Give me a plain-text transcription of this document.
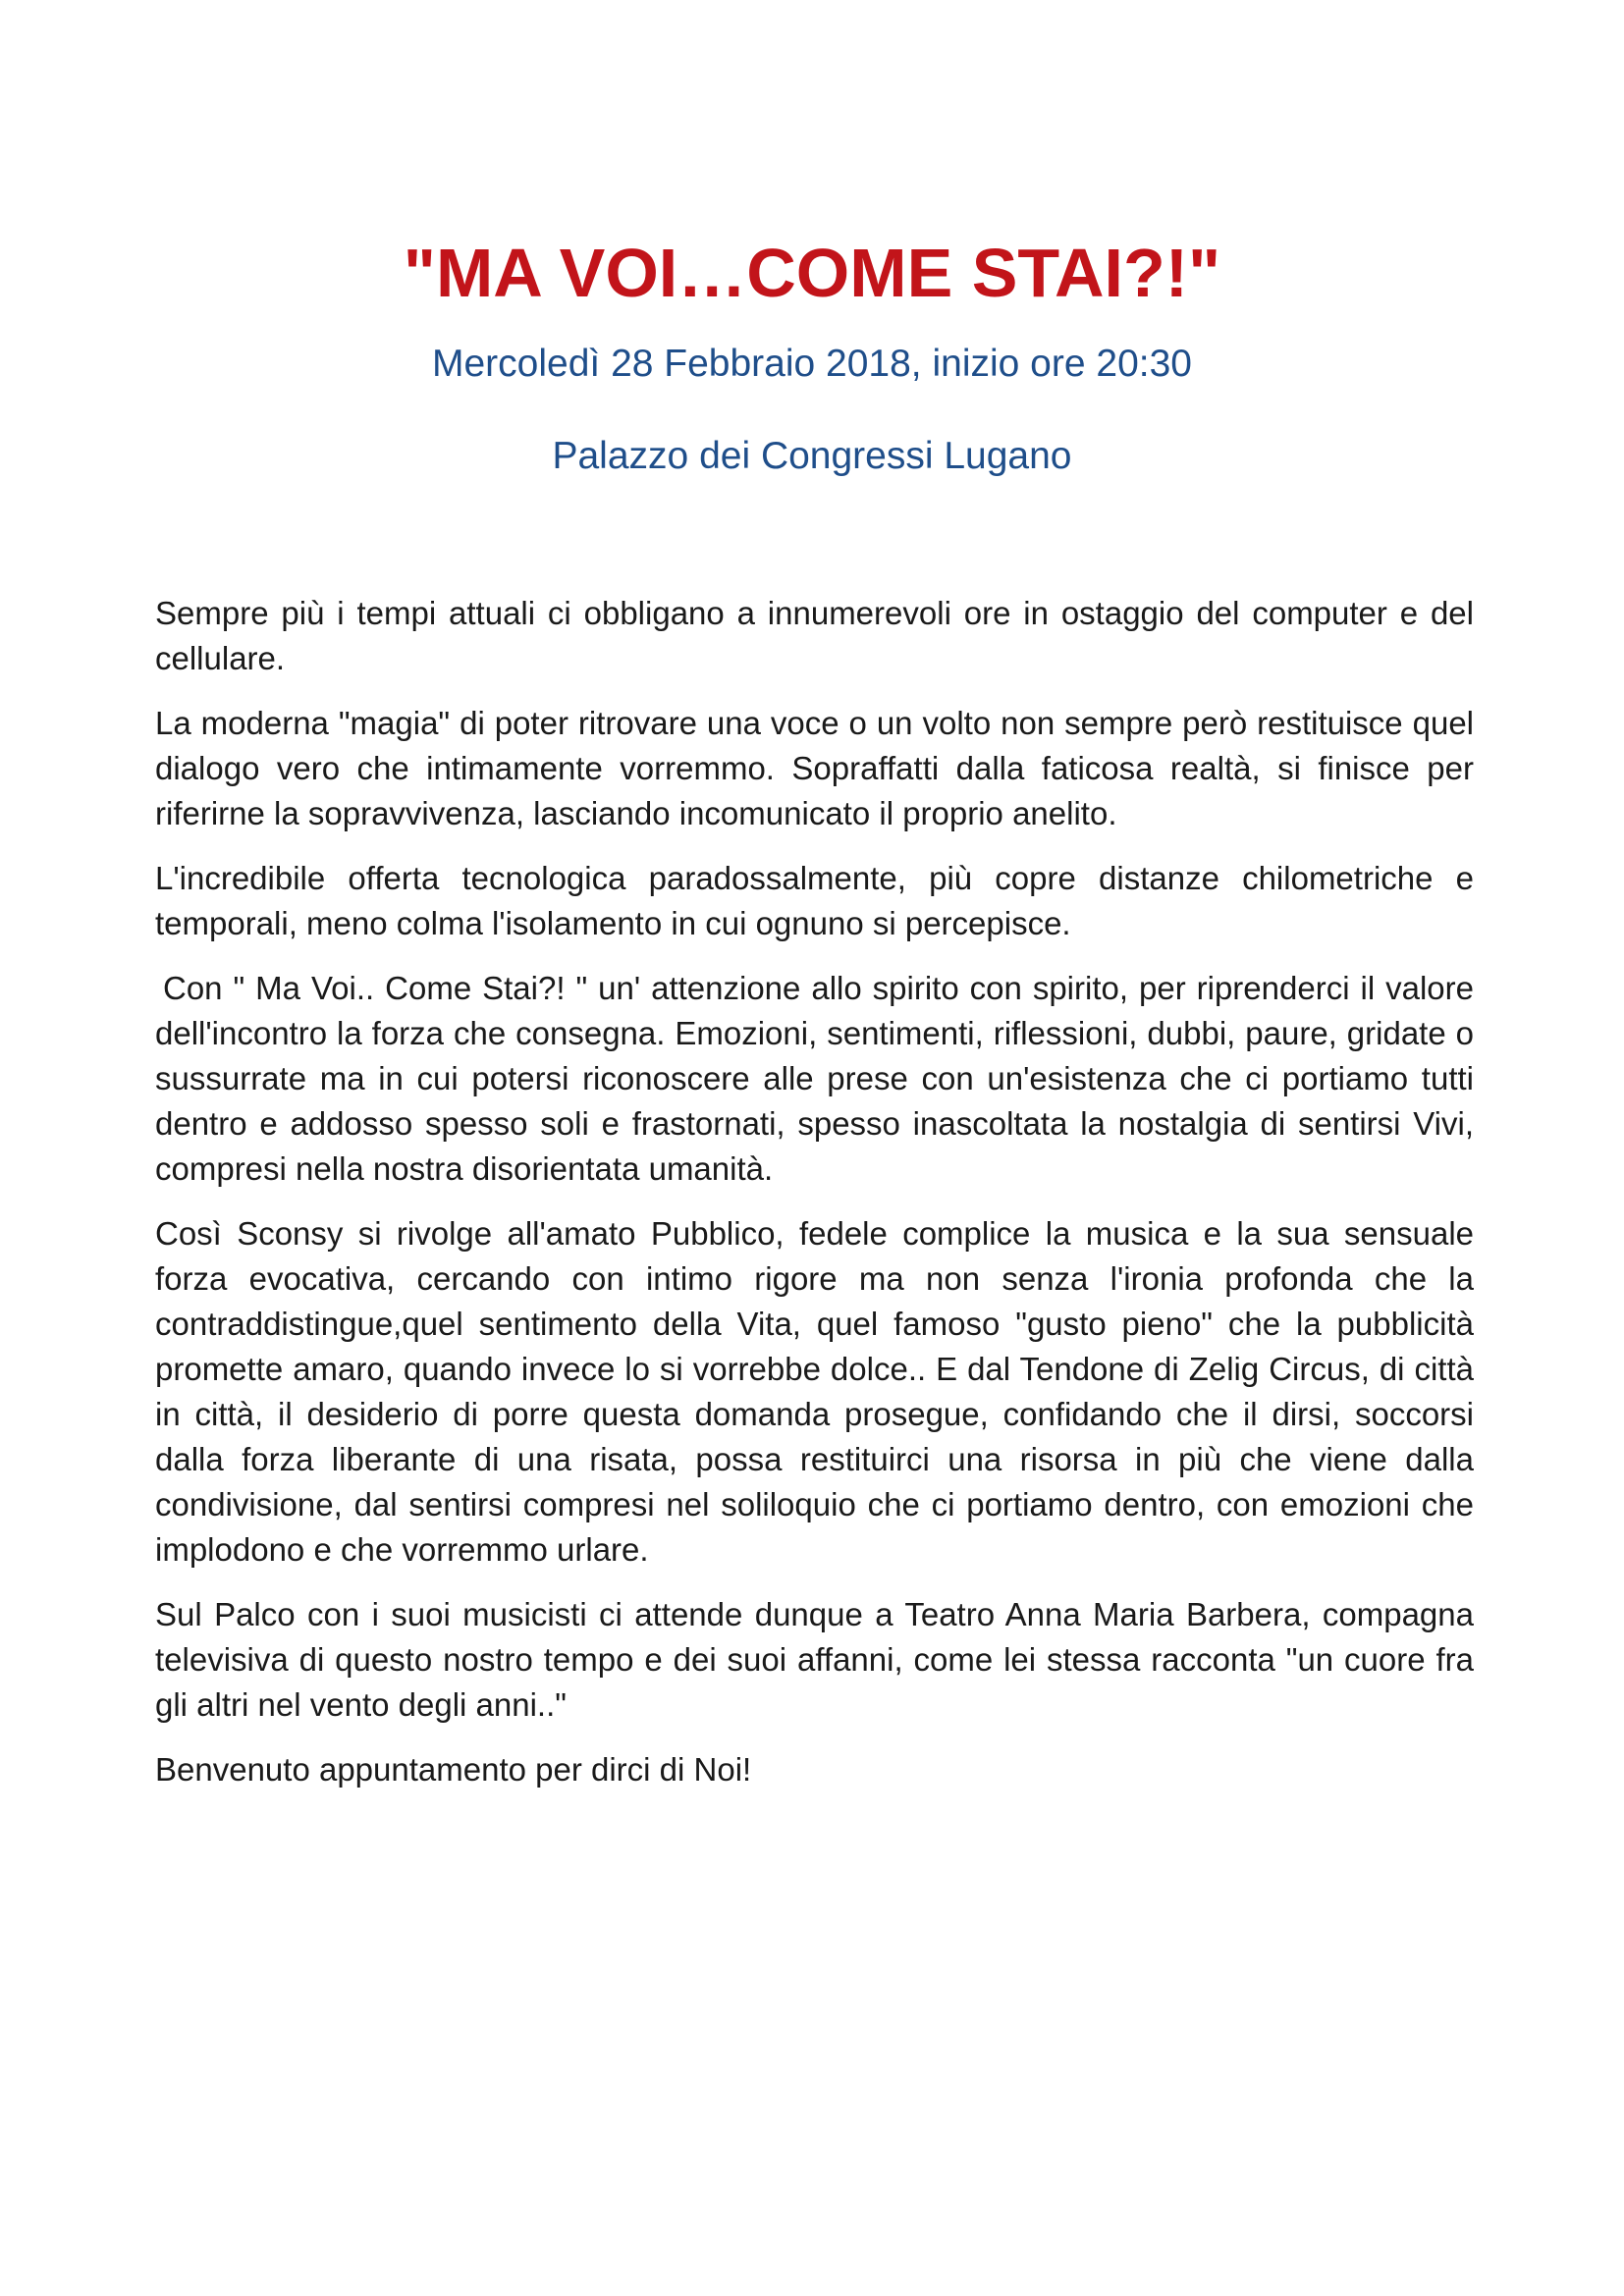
"MA VOI…COME STAI?!"
Mercoledì 28 Febbraio 2018, inizio ore 20:30
Palazzo dei Congressi Lugano

Sempre più i tempi attuali ci obbligano a innumerevoli ore in ostaggio del computer e del cellulare.

La moderna "magia" di poter ritrovare una voce o un volto non sempre però restituisce quel dialogo vero che intimamente vorremmo. Sopraffatti dalla faticosa realtà, si finisce per riferirne la sopravvivenza, lasciando incomunicato il proprio anelito.

L'incredibile offerta tecnologica paradossalmente, più copre distanze chilometriche e temporali, meno colma l'isolamento in cui ognuno si percepisce.

Con " Ma Voi.. Come Stai?! " un' attenzione allo spirito con spirito, per riprenderci il valore dell'incontro la forza che consegna. Emozioni, sentimenti, riflessioni, dubbi, paure, gridate o sussurrate ma in cui potersi riconoscere alle prese con un'esistenza che ci portiamo tutti dentro e addosso spesso soli e frastornati, spesso inascoltata la nostalgia di sentirsi Vivi, compresi nella nostra disorientata umanità.

Così Sconsy si rivolge all'amato Pubblico, fedele complice la musica e la sua sensuale forza evocativa, cercando con intimo rigore ma non senza l'ironia profonda che la contraddistingue,quel sentimento della Vita, quel famoso "gusto pieno" che la pubblicità promette amaro, quando invece lo si vorrebbe dolce.. E dal Tendone di Zelig Circus, di città in città, il desiderio di porre questa domanda prosegue, confidando che il dirsi, soccorsi dalla forza liberante di una risata, possa restituirci una risorsa in più che viene dalla condivisione, dal sentirsi compresi nel soliloquio che ci portiamo dentro, con emozioni che implodono e che vorremmo urlare.

Sul Palco con i suoi musicisti ci attende dunque a Teatro Anna Maria Barbera, compagna televisiva di questo nostro tempo e dei suoi affanni, come lei stessa racconta "un cuore fra gli altri nel vento degli anni.."

Benvenuto appuntamento per dirci di Noi!
